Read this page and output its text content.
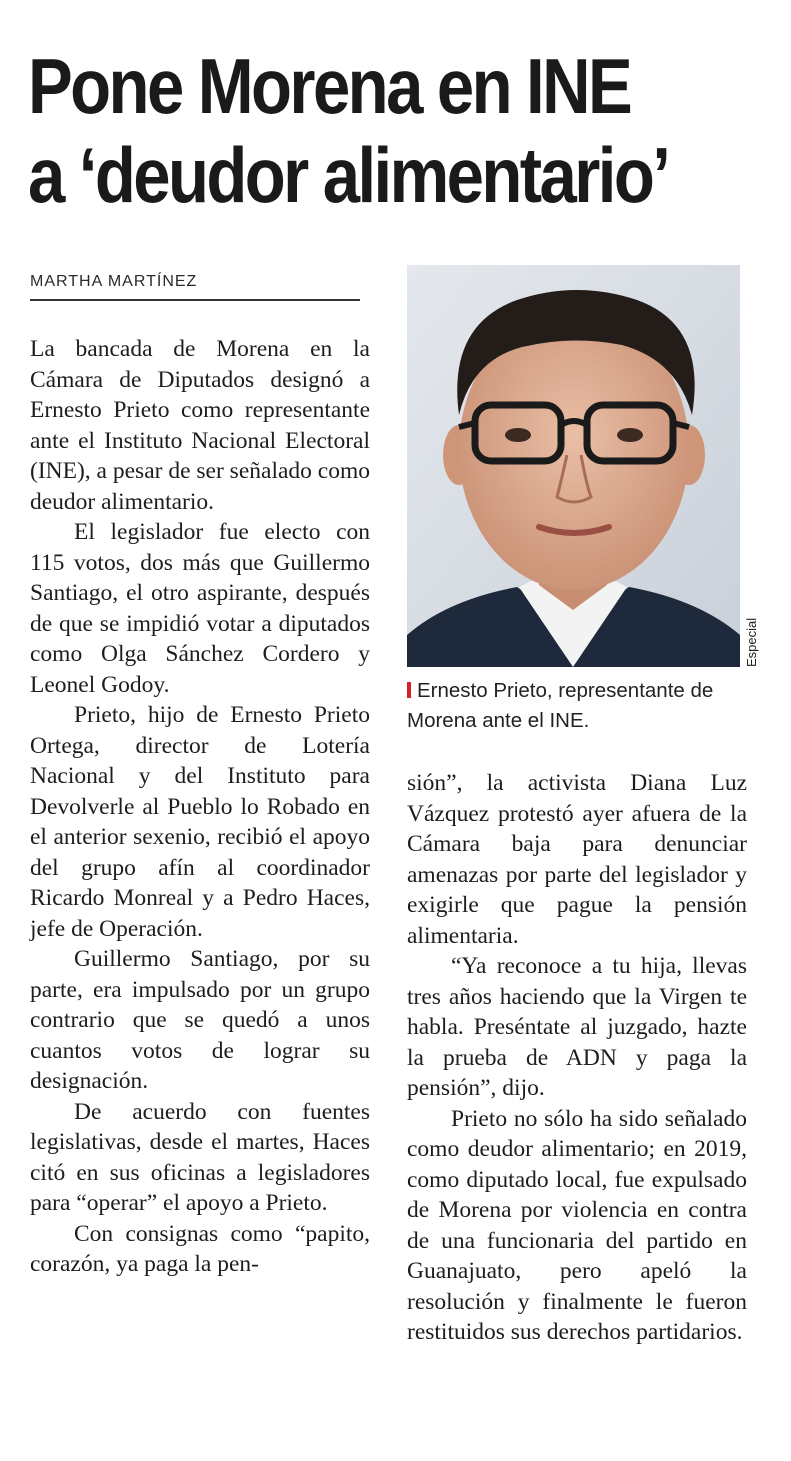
Pone Morena en INE
a ‘deudor alimentario’

MARTHA MARTÍNEZ

La bancada de Morena en la Cámara de Diputados designó a Ernesto Prieto como representante ante el Instituto Nacional Electoral (INE), a pesar de ser señalado como deudor alimentario.

El legislador fue electo con 115 votos, dos más que Guillermo Santiago, el otro aspirante, después de que se impidió votar a diputados como Olga Sánchez Cordero y Leonel Godoy.

Prieto, hijo de Ernesto Prieto Ortega, director de Lotería Nacional y del Instituto para Devolverle al Pueblo lo Robado en el anterior sexenio, recibió el apoyo del grupo afín al coordinador Ricardo Monreal y a Pedro Haces, jefe de Operación.

Guillermo Santiago, por su parte, era impulsado por un grupo contrario que se quedó a unos cuantos votos de lograr su designación.

De acuerdo con fuentes legislativas, desde el martes, Haces citó en sus oficinas a legisladores para “operar” el apoyo a Prieto.

Con consignas como “papito, corazón, ya paga la pen-

Especial

Ernesto Prieto, representante de Morena ante el INE.

sión”, la activista Diana Luz Vázquez protestó ayer afuera de la Cámara baja para denunciar amenazas por parte del legislador y exigirle que pague la pensión alimentaria.

“Ya reconoce a tu hija, llevas tres años haciendo que la Virgen te habla. Preséntate al juzgado, hazte la prueba de ADN y paga la pensión”, dijo.

Prieto no sólo ha sido señalado como deudor alimentario; en 2019, como diputado local, fue expulsado de Morena por violencia en contra de una funcionaria del partido en Guanajuato, pero apeló la resolución y finalmente le fueron restituidos sus derechos partidarios.
